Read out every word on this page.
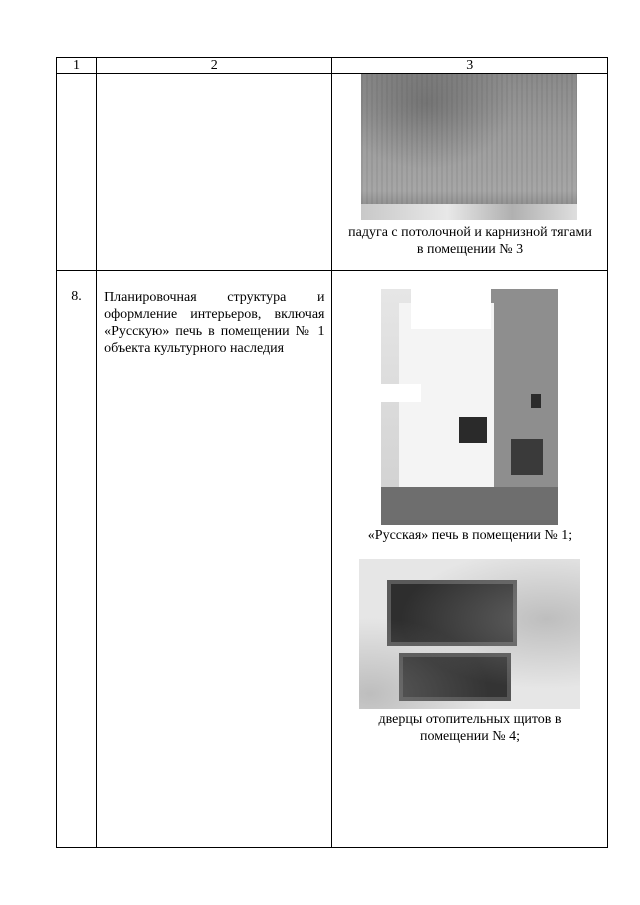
1	2	3

		падуга с потолочной и карнизной тягами
в помещении № 3

8.	Планировочная структура и оформление интерьеров, включая «Русскую» печь в помещении № 1 объекта культурного наследия	«Русская» печь в помещении № 1;
дверцы отопительных щитов в
помещении № 4;
